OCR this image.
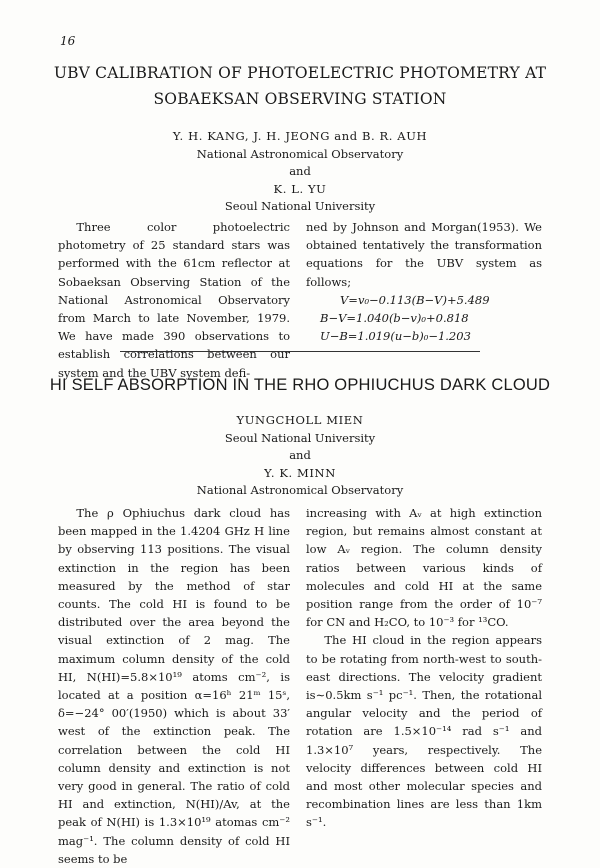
16
UBV CALIBRATION OF PHOTOELECTRIC PHOTOMETRY AT
SOBAEKSAN OBSERVING STATION
Y. H. KANG, J. H. JEONG and B. R. AUH
National Astronomical Observatory
and
K. L. YU
Seoul National University

Three color photoelectric photometry of 25 standard stars was performed with the 61cm reflector at Sobaeksan Observing Station of the National Astronomical Observatory from March to late November, 1979. We have made 390 observations to establish correlations between our system and the UBV system defi-

ned by Johnson and Morgan(1953). We obtained tentatively the transformation equations for the UBV system as follows;

V=v₀−0.113(B−V)+5.489
B−V=1.040(b−v)₀+0.818
U−B=1.019(u−b)₀−1.203
HI SELF ABSORPTION IN THE RHO OPHIUCHUS DARK CLOUD
YUNGCHOLL MIEN
Seoul National University
and
Y. K. MINN
National Astronomical Observatory

The ρ Ophiuchus dark cloud has been mapped in the 1.4204 GHz H line by observing 113 positions. The visual extinction in the region has been measured by the method of star counts. The cold HI is found to be distributed over the area beyond the visual extinction of 2 mag. The maximum column density of the cold HI, N(HI)=5.8×10¹⁹ atoms cm⁻², is located at a position α=16ʰ 21ᵐ 15ˢ, δ=−24° 00′(1950) which is about 33′ west of the extinction peak. The correlation between the cold HI column density and extinction is not very good in general. The ratio of cold HI and extinction, N(HI)/Av, at the peak of N(HI) is 1.3×10¹⁹ atomas cm⁻² mag⁻¹. The column density of cold HI seems to be

increasing with Aᵥ at high extinction region, but remains almost constant at low Aᵥ region. The column density ratios between various kinds of molecules and cold HI at the same position range from the order of 10⁻⁷ for CN and H₂CO, to 10⁻³ for ¹³CO.

The HI cloud in the region appears to be rotating from north-west to south-east directions. The velocity gradient is∼0.5km s⁻¹ pc⁻¹. Then, the rotational angular velocity and the period of rotation are 1.5×10⁻¹⁴ rad s⁻¹ and 1.3×10⁷ years, respectively. The velocity differences between cold HI and most other molecular species and recombination lines are less than 1km s⁻¹.
